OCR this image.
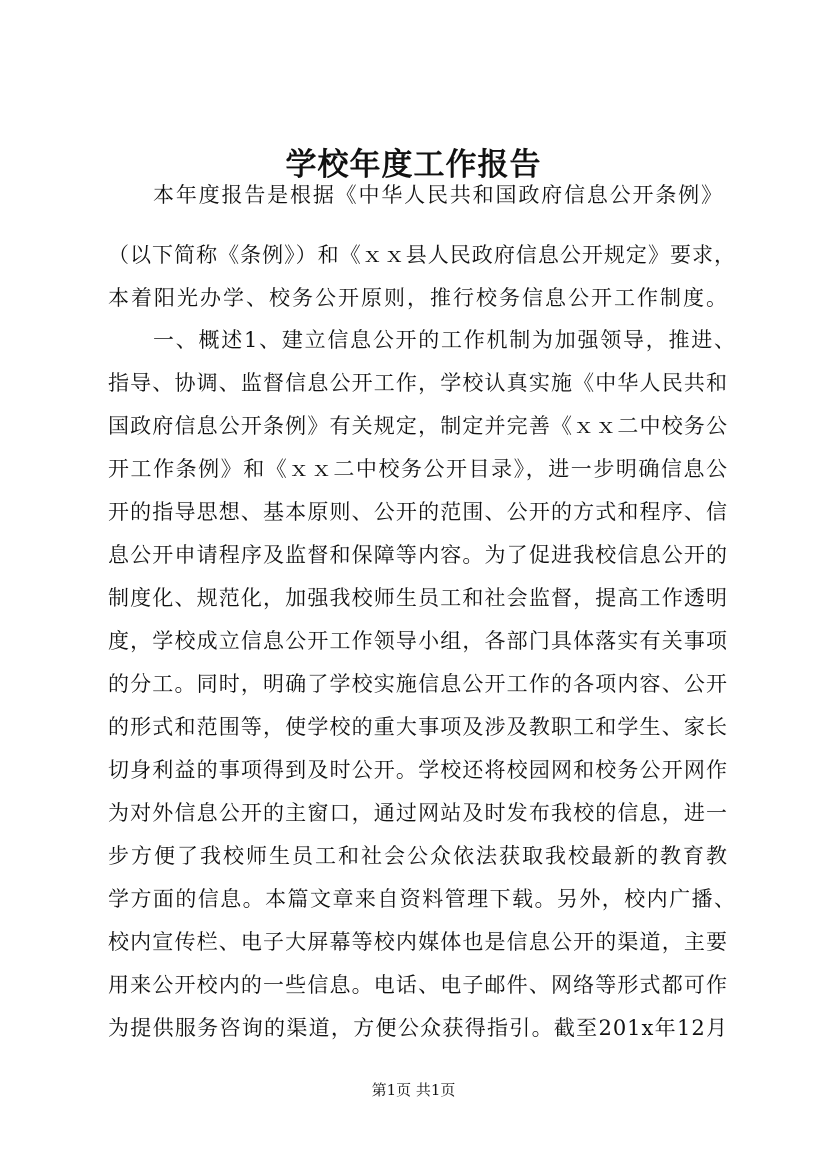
学校年度工作报告
本年度报告是根据《中华人民共和国政府信息公开条例》
（以下简称《条例》）和《ｘｘ县人民政府信息公开规定》要求，
本着阳光办学、校务公开原则，推行校务信息公开工作制度。
一、概述1、建立信息公开的工作机制为加强领导，推进、
指导、协调、监督信息公开工作，学校认真实施《中华人民共和
国政府信息公开条例》有关规定，制定并完善《ｘｘ二中校务公
开工作条例》和《ｘｘ二中校务公开目录》，进一步明确信息公
开的指导思想、基本原则、公开的范围、公开的方式和程序、信
息公开申请程序及监督和保障等内容。为了促进我校信息公开的
制度化、规范化，加强我校师生员工和社会监督，提高工作透明
度，学校成立信息公开工作领导小组，各部门具体落实有关事项
的分工。同时，明确了学校实施信息公开工作的各项内容、公开
的形式和范围等，使学校的重大事项及涉及教职工和学生、家长
切身利益的事项得到及时公开。学校还将校园网和校务公开网作
为对外信息公开的主窗口，通过网站及时发布我校的信息，进一
步方便了我校师生员工和社会公众依法获取我校最新的教育教
学方面的信息。本篇文章来自资料管理下载。另外，校内广播、
校内宣传栏、电子大屏幕等校内媒体也是信息公开的渠道，主要
用来公开校内的一些信息。电话、电子邮件、网络等形式都可作
为提供服务咨询的渠道，方便公众获得指引。截至201x年12月
第1页 共1页
